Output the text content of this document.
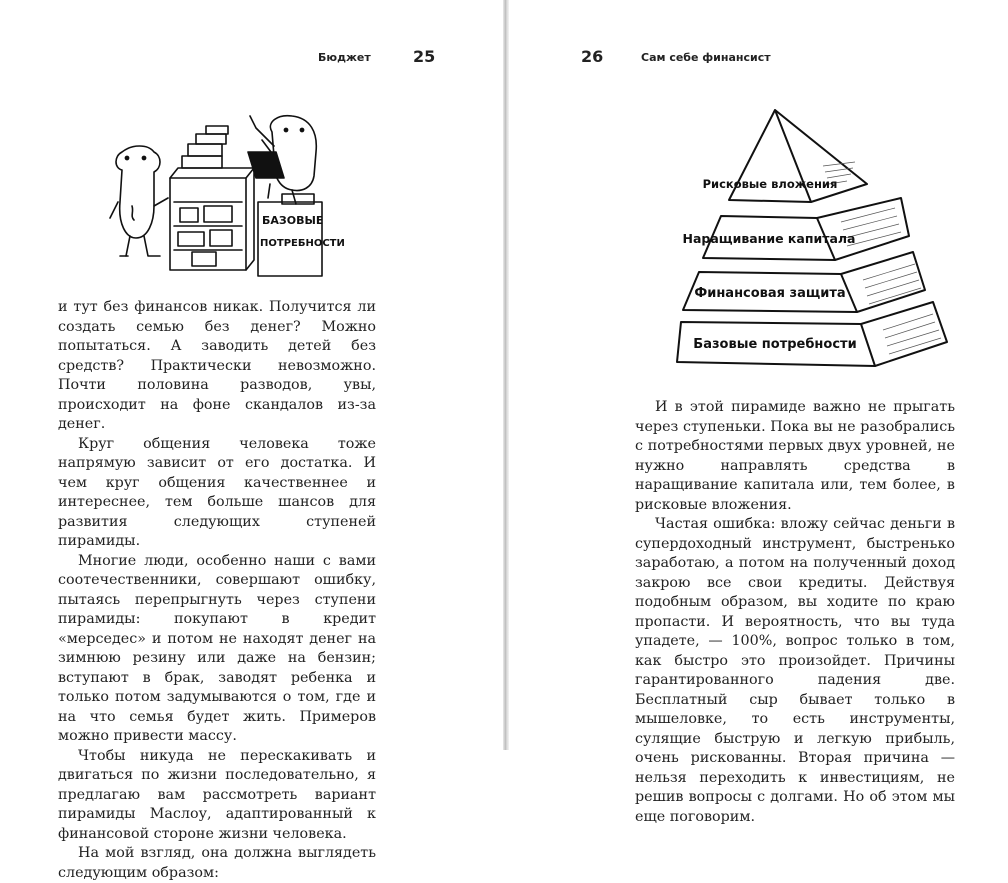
Бюджет	25
БАЗОВЫЕ
ПОТРЕБНОСТИ

и тут без финансов никак. Получится ли создать семью без денег? Можно попытаться. А заводить детей без средств? Практически невозможно. Почти половина разводов, увы, происходит на фоне скандалов из-за денег.

Круг общения человека тоже напрямую зависит от его достатка. И чем круг общения качественнее и интереснее, тем больше шансов для развития следующих ступеней пирамиды.

Многие люди, особенно наши с вами соотечественники, совершают ошибку, пытаясь перепрыгнуть через ступени пирамиды: покупают в кредит «мерседес» и потом не находят денег на зимнюю резину или даже на бензин; вступают в брак, заводят ребенка и только потом задумываются о том, где и на что семья будет жить. Примеров можно привести массу.

Чтобы никуда не перескакивать и двигаться по жизни последовательно, я предлагаю вам рассмотреть вариант пирамиды Маслоу, адаптированный к финансовой стороне жизни человека.

На мой взгляд, она должна выглядеть следующим образом:

26	Сам себе финансист
Рисковые вложения
Наращивание капитала
Финансовая защита
Базовые потребности

И в этой пирамиде важно не прыгать через ступеньки. Пока вы не разобрались с потребностями первых двух уровней, не нужно направлять средства в наращивание капитала или, тем более, в рисковые вложения.

Частая ошибка: вложу сейчас деньги в супердоходный инструмент, быстренько заработаю, а потом на полученный доход закрою все свои кредиты. Действуя подобным образом, вы ходите по краю пропасти. И вероятность, что вы туда упадете, — 100%, вопрос только в том, как быстро это произойдет. Причины гарантированного падения две. Бесплатный сыр бывает только в мышеловке, то есть инструменты, сулящие быструю и легкую прибыль, очень рискованны. Вторая причина — нельзя переходить к инвестициям, не решив вопросы с долгами. Но об этом мы еще поговорим.
